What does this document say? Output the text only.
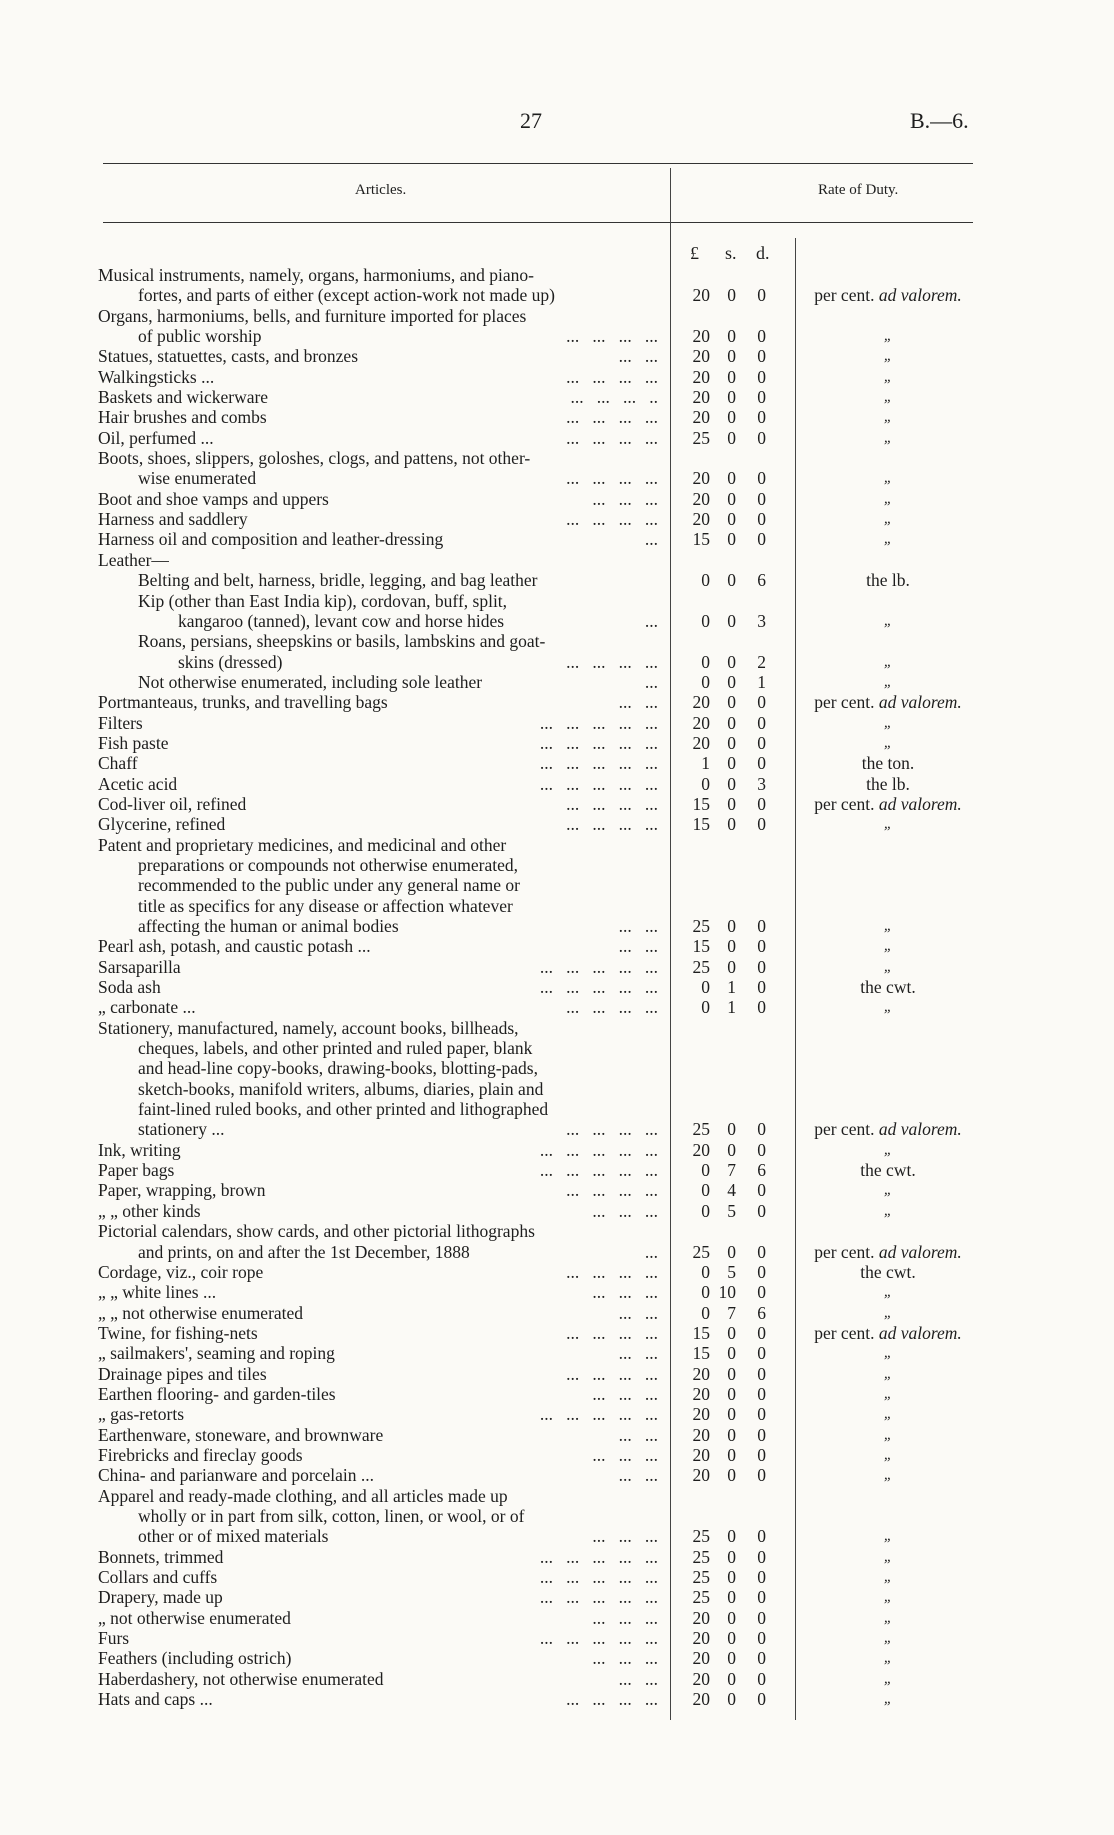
27	B.—6.
Articles.	Rate of Duty.
£ s. d.
Musical instruments, namely, organs, harmoniums, and piano-
fortes, and parts of either (except action-work not made up)	20 0	0	per cent. ad valorem.
Organs, harmoniums, bells, and furniture imported for places
of public worship	...   ...   ...   ...	20 0	0	„
Statues, statuettes, casts, and bronzes	...   ...	20 0	0	„
Walkingsticks ...	...   ...   ...   ...	20 0	0	„
Baskets and wickerware	...   ...   ...   ..	20 0	0	„
Hair brushes and combs	...   ...   ...   ...	20 0	0	„
Oil, perfumed ...	...   ...   ...   ...	25 0	0	„
Boots, shoes, slippers, goloshes, clogs, and pattens, not other-
wise enumerated	...   ...   ...   ...	20 0	0	„
Boot and shoe vamps and uppers	...   ...   ...	20 0	0	„
Harness and saddlery	...   ...   ...   ...	20 0	0	„
Harness oil and composition and leather-dressing	...	15 0	0	„
Leather—
Belting and belt, harness, bridle, legging, and bag leather	0 0	6	the lb.
Kip (other than East India kip), cordovan, buff, split,
kangaroo (tanned), levant cow and horse hides	...	0 0	3	„
Roans, persians, sheepskins or basils, lambskins and goat-
skins (dressed)	...   ...   ...   ...	0 0	2	„
Not otherwise enumerated, including sole leather	...	0 0	1	„
Portmanteaus, trunks, and travelling bags	...   ...	20 0	0	per cent. ad valorem.
Filters	...   ...   ...   ...   ...	20 0	0	„
Fish paste	...   ...   ...   ...   ...	20 0	0	„
Chaff	...   ...   ...   ...   ...	1 0	0	the ton.
Acetic acid	...   ...   ...   ...   ...	0 0	3	the lb.
Cod-liver oil, refined	...   ...   ...   ...	15 0	0	per cent. ad valorem.
Glycerine, refined	...   ...   ...   ...	15 0	0	„
Patent and proprietary medicines, and medicinal and other
preparations or compounds not otherwise enumerated,
recommended to the public under any general name or
title as specifics for any disease or affection whatever
affecting the human or animal bodies	...   ...	25 0	0	„
Pearl ash, potash, and caustic potash ...	...   ...	15 0	0	„
Sarsaparilla	...   ...   ...   ...   ...	25 0	0	„
Soda ash	...   ...   ...   ...   ...	0 1	0	the cwt.
„ carbonate ...	...   ...   ...   ...	0 1	0	„
Stationery, manufactured, namely, account books, billheads,
cheques, labels, and other printed and ruled paper, blank
and head-line copy-books, drawing-books, blotting-pads,
sketch-books, manifold writers, albums, diaries, plain and
faint-lined ruled books, and other printed and lithographed
stationery ...	...   ...   ...   ...	25 0	0	per cent. ad valorem.
Ink, writing	...   ...   ...   ...   ...	20 0	0	„
Paper bags	...   ...   ...   ...   ...	0 7	6	the cwt.
Paper, wrapping, brown	...   ...   ...   ...	0 4	0	„
„ „ other kinds	...   ...   ...	0 5	0	„
Pictorial calendars, show cards, and other pictorial lithographs
and prints, on and after the 1st December, 1888	...	25 0	0	per cent. ad valorem.
Cordage, viz., coir rope	...   ...   ...   ...	0 5	0	the cwt.
„ „ white lines ...	...   ...   ...	0 10	0	„
„ „ not otherwise enumerated	...   ...	0 7	6	„
Twine, for fishing-nets	...   ...   ...   ...	15 0	0	per cent. ad valorem.
„ sailmakers', seaming and roping	...   ...	15 0	0	„
Drainage pipes and tiles	...   ...   ...   ...	20 0	0	„
Earthen flooring- and garden-tiles	...   ...   ...	20 0	0	„
„ gas-retorts	...   ...   ...   ...   ...	20 0	0	„
Earthenware, stoneware, and brownware	...   ...	20 0	0	„
Firebricks and fireclay goods	...   ...   ...	20 0	0	„
China- and parianware and porcelain ...	...   ...	20 0	0	„
Apparel and ready-made clothing, and all articles made up
wholly or in part from silk, cotton, linen, or wool, or of
other or of mixed materials	...   ...   ...	25 0	0	„
Bonnets, trimmed	...   ...   ...   ...   ...	25 0	0	„
Collars and cuffs	...   ...   ...   ...   ...	25 0	0	„
Drapery, made up	...   ...   ...   ...   ...	25 0	0	„
„ not otherwise enumerated	...   ...   ...	20 0	0	„
Furs	...   ...   ...   ...   ...	20 0	0	„
Feathers (including ostrich)	...   ...   ...	20 0	0	„
Haberdashery, not otherwise enumerated	...   ...	20 0	0	„
Hats and caps ...	...   ...   ...   ...	20 0	0	„
